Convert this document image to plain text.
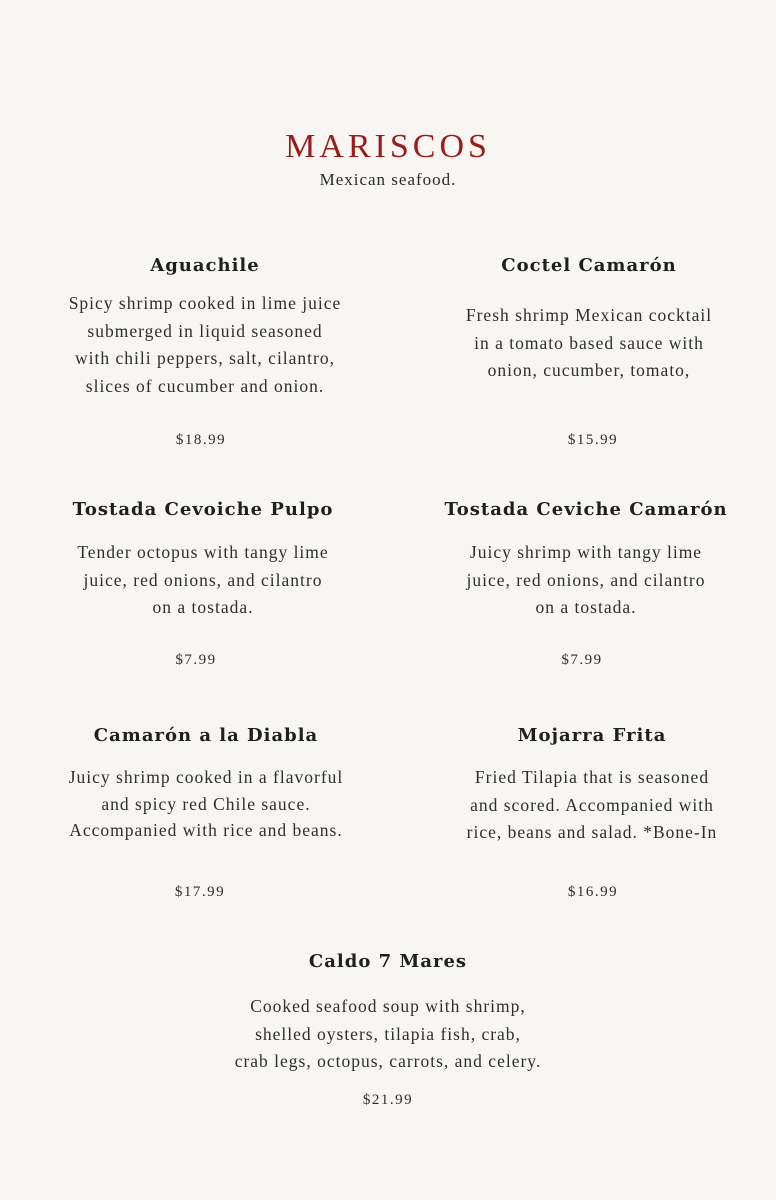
MARISCOS
Mexican seafood.
Aguachile
Spicy shrimp cooked in lime juice
submerged in liquid seasoned
with chili peppers, salt, cilantro,
slices of cucumber and onion.
$18.99
Coctel Camarón
Fresh shrimp Mexican cocktail
in a tomato based sauce with
onion, cucumber, tomato,
$15.99
Tostada Cevoiche Pulpo
Tender octopus with tangy lime
juice, red onions, and cilantro
on a tostada.
$7.99
Tostada Ceviche Camarón
Juicy shrimp with tangy lime
juice, red onions, and cilantro
on a tostada.
$7.99
Camarón a la Diabla
Juicy shrimp cooked in a flavorful
and spicy red Chile sauce.
Accompanied with rice and beans.
$17.99
Mojarra Frita
Fried Tilapia that is seasoned
and scored. Accompanied with
rice, beans and salad. *Bone-In
$16.99
Caldo 7 Mares
Cooked seafood soup with shrimp,
shelled oysters, tilapia fish, crab,
crab legs, octopus, carrots, and celery.
$21.99
